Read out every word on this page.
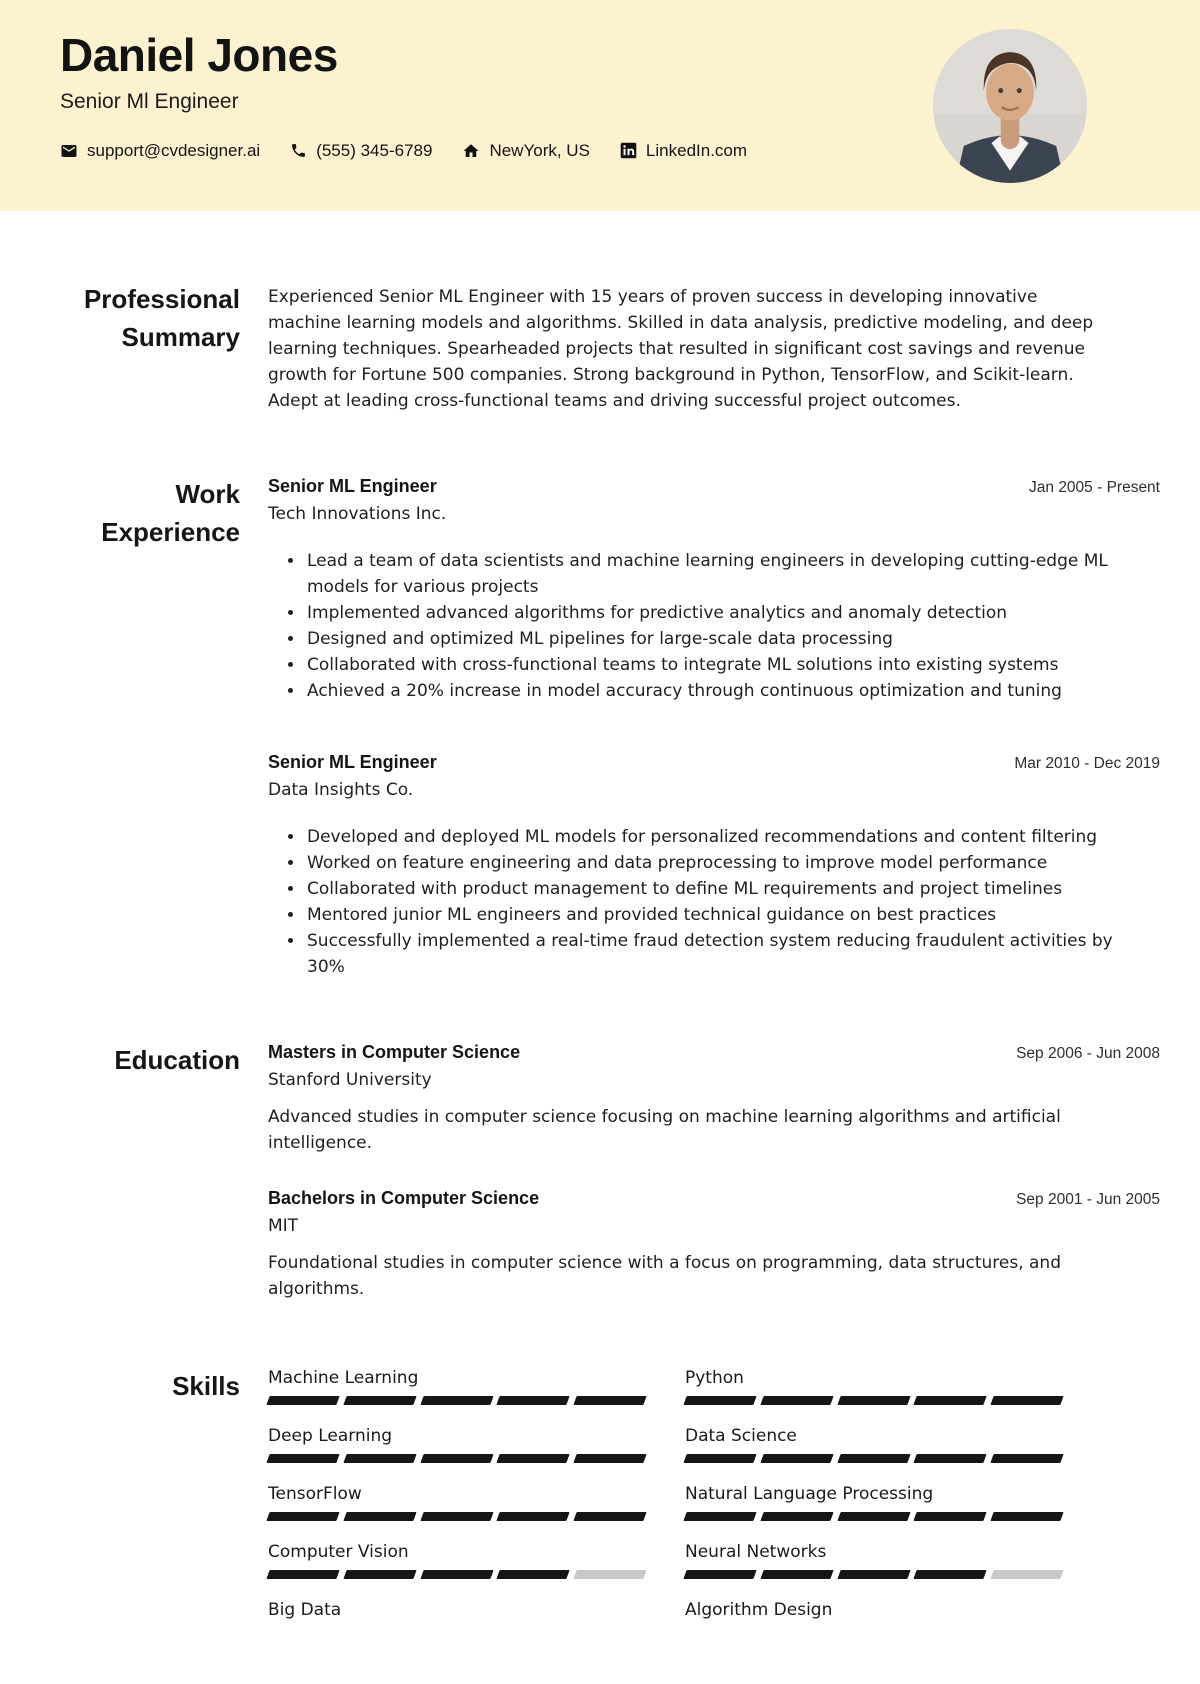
Daniel Jones
Senior Ml Engineer
support@cvdesigner.ai	(555) 345-6789	NewYork, US	LinkedIn.com
Professional Summary
Experienced Senior ML Engineer with 15 years of proven success in developing innovative machine learning models and algorithms. Skilled in data analysis, predictive modeling, and deep learning techniques. Spearheaded projects that resulted in significant cost savings and revenue growth for Fortune 500 companies. Strong background in Python, TensorFlow, and Scikit-learn. Adept at leading cross-functional teams and driving successful project outcomes.
Work Experience
Senior ML Engineer	Jan 2005 - Present
Tech Innovations Inc.
• Lead a team of data scientists and machine learning engineers in developing cutting-edge ML models for various projects
• Implemented advanced algorithms for predictive analytics and anomaly detection
• Designed and optimized ML pipelines for large-scale data processing
• Collaborated with cross-functional teams to integrate ML solutions into existing systems
• Achieved a 20% increase in model accuracy through continuous optimization and tuning
Senior ML Engineer	Mar 2010 - Dec 2019
Data Insights Co.
• Developed and deployed ML models for personalized recommendations and content filtering
• Worked on feature engineering and data preprocessing to improve model performance
• Collaborated with product management to define ML requirements and project timelines
• Mentored junior ML engineers and provided technical guidance on best practices
• Successfully implemented a real-time fraud detection system reducing fraudulent activities by 30%
Education Masters in Computer Science	Sep 2006 - Jun 2008
Stanford University
Advanced studies in computer science focusing on machine learning algorithms and artificial intelligence.
Bachelors in Computer Science	Sep 2001 - Jun 2005
MIT
Foundational studies in computer science with a focus on programming, data structures, and algorithms.
Skills Machine Learning	Python
Deep Learning	Data Science
TensorFlow	Natural Language Processing
Computer Vision	Neural Networks
Big Data	Algorithm Design
